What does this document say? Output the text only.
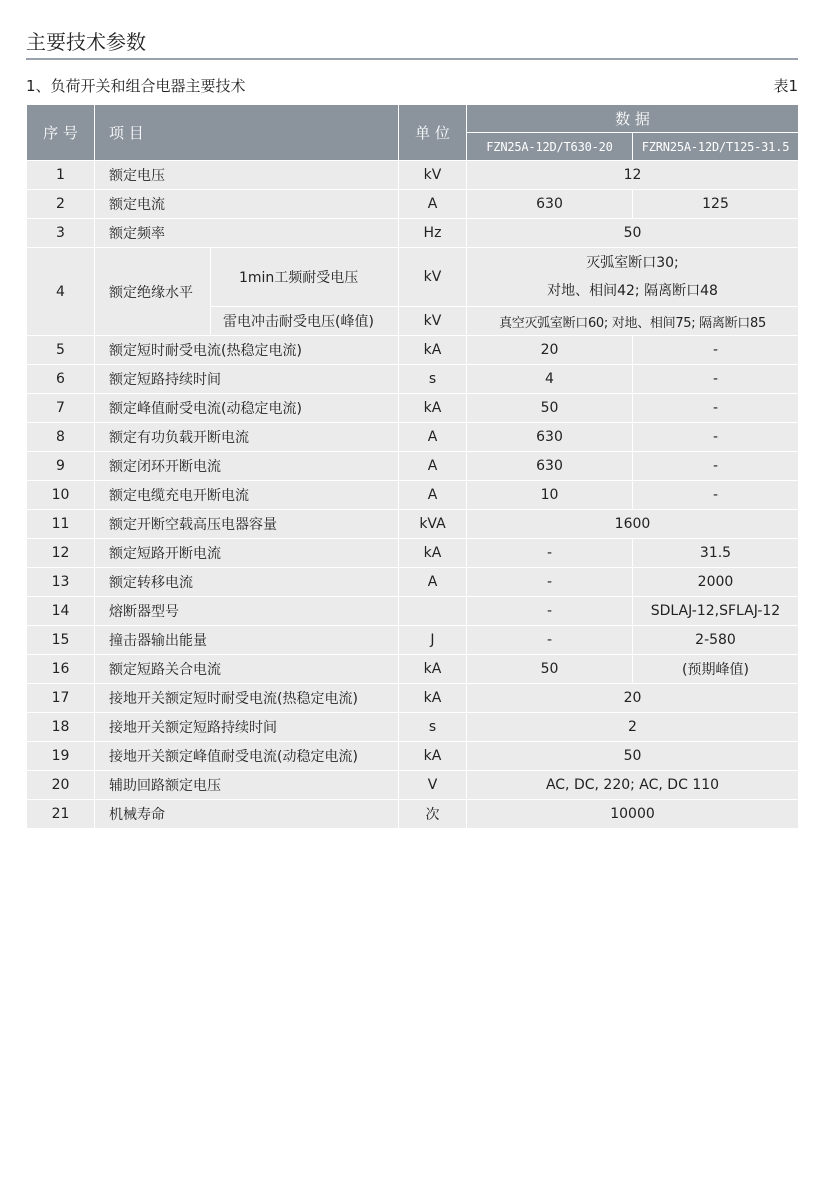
主要技术参数
1、负荷开关和组合电器主要技术	表1
序 号	项 目		单 位	数 据	
				FZN25A-12D/T630-20	FZRN25A-12D/T125-31.5
1	额定电压		kV	12	
2	额定电流		A	630	125
3	额定频率		Hz	50	
4	额定绝缘水平	1min工频耐受电压	kV	灭弧室断口30;
对地、相间42; 隔离断口48	

		雷电冲击耐受电压(峰值)	kV	真空灭弧室断口60; 对地、相间75; 隔离断口85	
5	额定短时耐受电流(热稳定电流)		kA	20	-
6	额定短路持续时间		s	4	-
7	额定峰值耐受电流(动稳定电流)		kA	50	-
8	额定有功负载开断电流		A	630	-
9	额定闭环开断电流		A	630	-
10	额定电缆充电开断电流		A	10	-
11	额定开断空载高压电器容量		kVA	1600	
12	额定短路开断电流		kA	-	31.5
13	额定转移电流		A	-	2000
14	熔断器型号			-	SDLAJ-12,SFLAJ-12
15	撞击器输出能量		J	-	2-580
16	额定短路关合电流		kA	50	(预期峰值)
17	接地开关额定短时耐受电流(热稳定电流)		kA	20	
18	接地开关额定短路持续时间		s	2	
19	接地开关额定峰值耐受电流(动稳定电流)		kA	50	
20	辅助回路额定电压		V	AC, DC, 220; AC, DC 110	
21	机械寿命		次	10000	
